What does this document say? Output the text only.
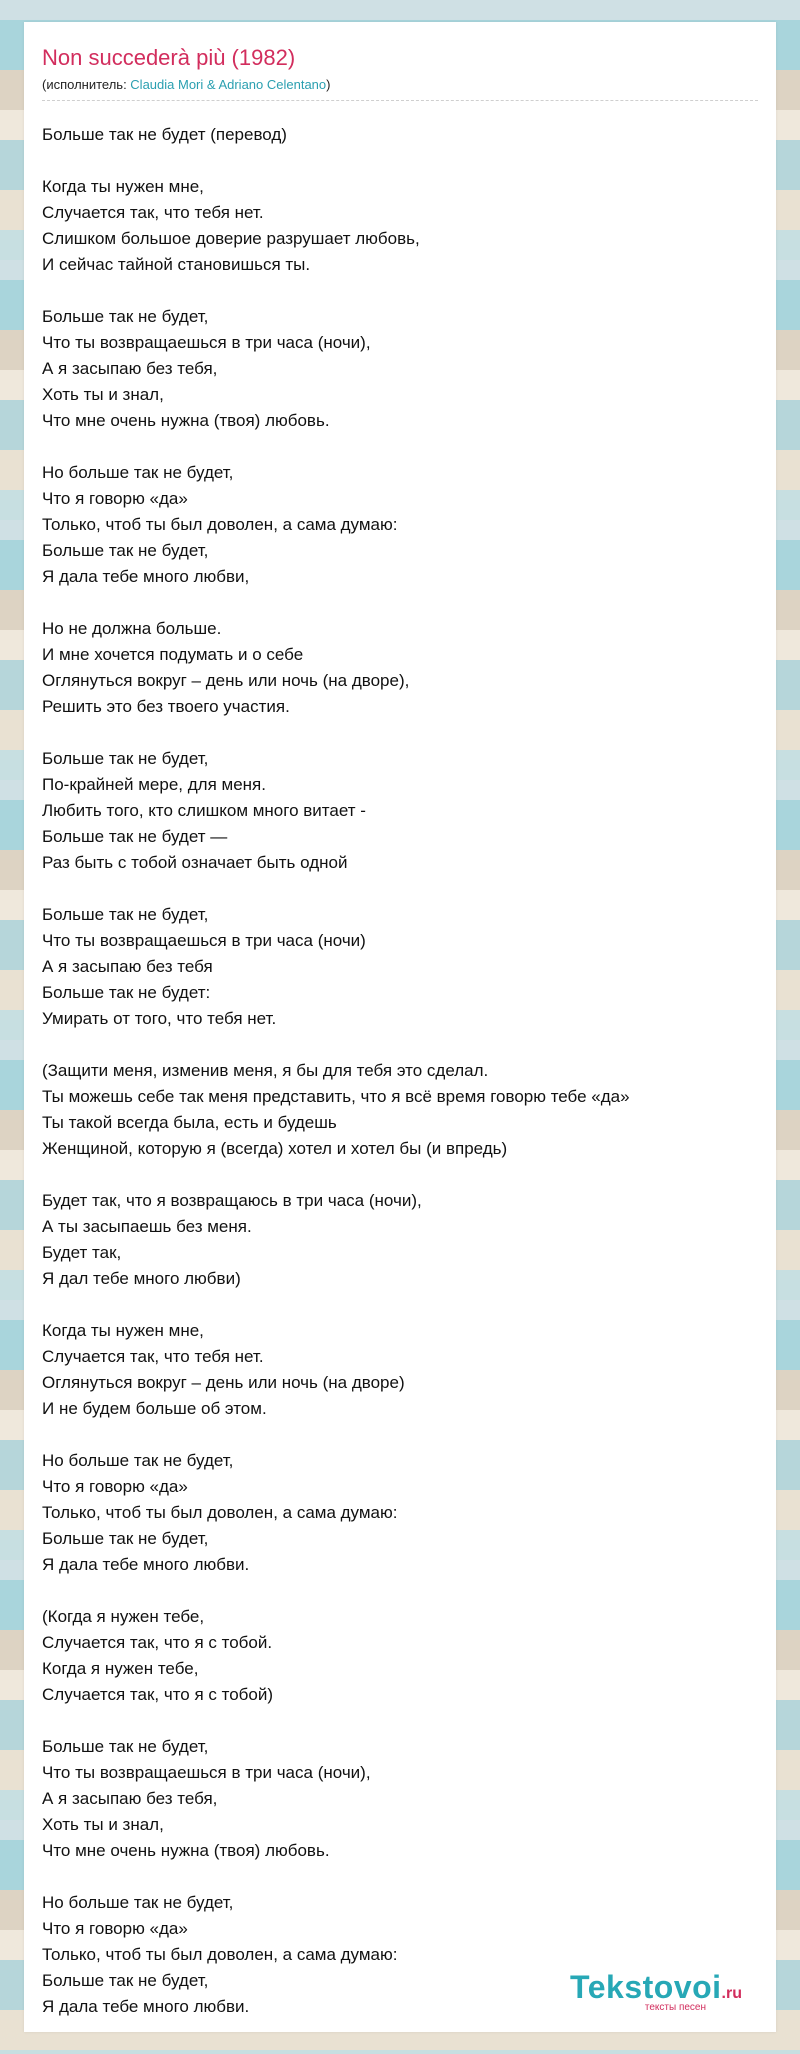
Non succederà più (1982)
(исполнитель: Claudia Mori & Adriano Celentano)
Больше так не будет (перевод)
Когда ты нужен мне,
Случается так, что тебя нет.
Слишком большое доверие разрушает любовь,
И сейчас тайной становишься ты.
Больше так не будет,
Что ты возвращаешься в три часа (ночи),
А я засыпаю без тебя,
Хоть ты и знал,
Что мне очень нужна (твоя) любовь.
Но больше так не будет,
Что я говорю «да»
Только, чтоб ты был доволен, а сама думаю:
Больше так не будет,
Я дала тебе много любви,
Но не должна больше.
И мне хочется подумать и о себе
Оглянуться вокруг – день или ночь (на дворе),
Решить это без твоего участия.
Больше так не будет,
По-крайней мере, для меня.
Любить того, кто слишком много витает -
Больше так не будет —
Раз быть с тобой означает быть одной
Больше так не будет,
Что ты возвращаешься в три часа (ночи)
А я засыпаю без тебя
Больше так не будет:
Умирать от того, что тебя нет.
(Защити меня, изменив меня, я бы для тебя это сделал.
Ты можешь себе так меня представить, что я всё время говорю тебе «да»
Ты такой всегда была, есть и будешь
Женщиной, которую я (всегда) хотел и хотел бы (и впредь)
Будет так, что я возвращаюсь в три часа (ночи),
А ты засыпаешь без меня.
Будет так,
Я дал тебе много любви)
Когда ты нужен мне,
Случается так, что тебя нет.
Оглянуться вокруг – день или ночь (на дворе)
И не будем больше об этом.
Но больше так не будет,
Что я говорю «да»
Только, чтоб ты был доволен, а сама думаю:
Больше так не будет,
Я дала тебе много любви.
(Когда я нужен тебе,
Случается так, что я с тобой.
Когда я нужен тебе,
Случается так, что я с тобой)
Больше так не будет,
Что ты возвращаешься в три часа (ночи),
А я засыпаю без тебя,
Хоть ты и знал,
Что мне очень нужна (твоя) любовь.
Но больше так не будет,
Что я говорю «да»
Только, чтоб ты был доволен, а сама думаю:
Больше так не будет,
Я дала тебе много любви.
Tekstovoi.ru
тексты песен
